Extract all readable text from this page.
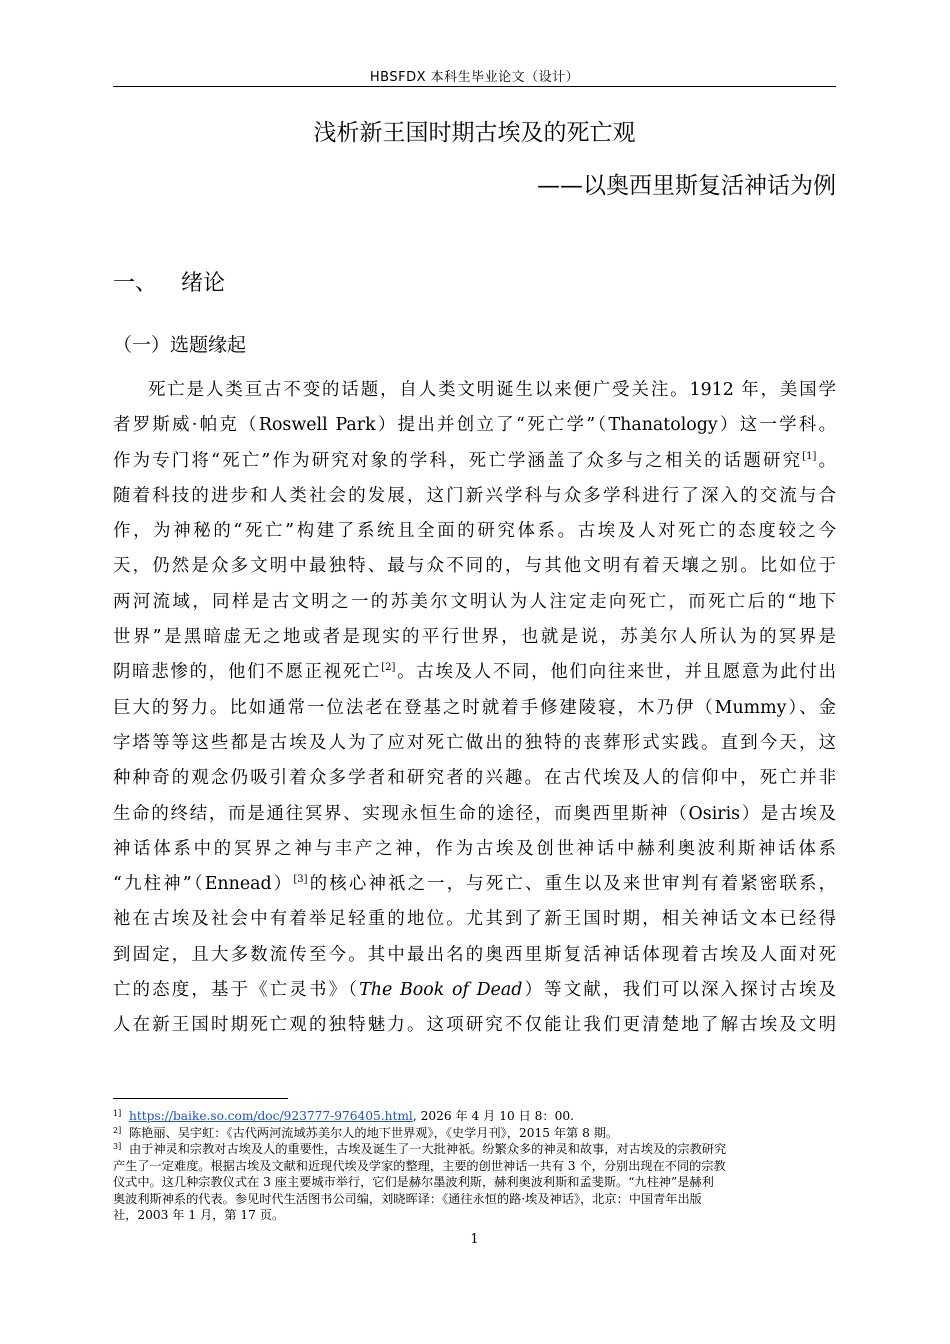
HBSFDX 本科生毕业论文（设计）
浅析新王国时期古埃及的死亡观
——以奥西里斯复活神话为例
一、 绪论
（一）选题缘起
死亡是人类亘古不变的话题，自人类文明诞生以来便广受关注。1912 年，美国学
者罗斯威·帕克（Roswell Park）提出并创立了“死亡学”（Thanatology）这一学科。
作为专门将“死亡”作为研究对象的学科，死亡学涵盖了众多与之相关的话题研究[1]。
随着科技的进步和人类社会的发展，这门新兴学科与众多学科进行了深入的交流与合
作，为神秘的“死亡”构建了系统且全面的研究体系。古埃及人对死亡的态度较之今
天，仍然是众多文明中最独特、最与众不同的，与其他文明有着天壤之别。比如位于
两河流域，同样是古文明之一的苏美尔文明认为人注定走向死亡，而死亡后的“地下
世界”是黑暗虚无之地或者是现实的平行世界，也就是说，苏美尔人所认为的冥界是
阴暗悲惨的，他们不愿正视死亡[2]。古埃及人不同，他们向往来世，并且愿意为此付出
巨大的努力。比如通常一位法老在登基之时就着手修建陵寝，木乃伊（Mummy）、金
字塔等等这些都是古埃及人为了应对死亡做出的独特的丧葬形式实践。直到今天，这
种种奇的观念仍吸引着众多学者和研究者的兴趣。在古代埃及人的信仰中，死亡并非
生命的终结，而是通往冥界、实现永恒生命的途径，而奥西里斯神（Osiris）是古埃及
神话体系中的冥界之神与丰产之神，作为古埃及创世神话中赫利奥波利斯神话体系
“九柱神”（Ennead）[3]的核心神祇之一，与死亡、重生以及来世审判有着紧密联系，
祂在古埃及社会中有着举足轻重的地位。尤其到了新王国时期，相关神话文本已经得
到固定，且大多数流传至今。其中最出名的奥西里斯复活神话体现着古埃及人面对死
亡的态度，基于《亡灵书》（The Book of Dead）等文献，我们可以深入探讨古埃及
人在新王国时期死亡观的独特魅力。这项研究不仅能让我们更清楚地了解古埃及文明
$^{1]}$ https://baike.so.com/doc/923777-976405.html, 2026 年 4 月 10 日 8：00.
$^{2]}$ 陈艳丽、吴宇虹：《古代两河流域苏美尔人的地下世界观》，《史学月刊》，2015 年第 8 期。
$^{3]}$ 由于神灵和宗教对古埃及人的重要性，古埃及诞生了一大批神祇。纷繁众多的神灵和故事，对古埃及的宗教研究
产生了一定难度。根据古埃及文献和近现代埃及学家的整理，主要的创世神话一共有 3 个，分别出现在不同的宗教
仪式中。这几种宗教仪式在 3 座主要城市举行，它们是赫尔墨波利斯，赫利奥波利斯和孟斐斯。“九柱神”是赫利
奥波利斯神系的代表。参见时代生活图书公司编，刘晓晖译：《通往永恒的路·埃及神话》，北京：中国青年出版
社，2003 年 1 月，第 17 页。
1
